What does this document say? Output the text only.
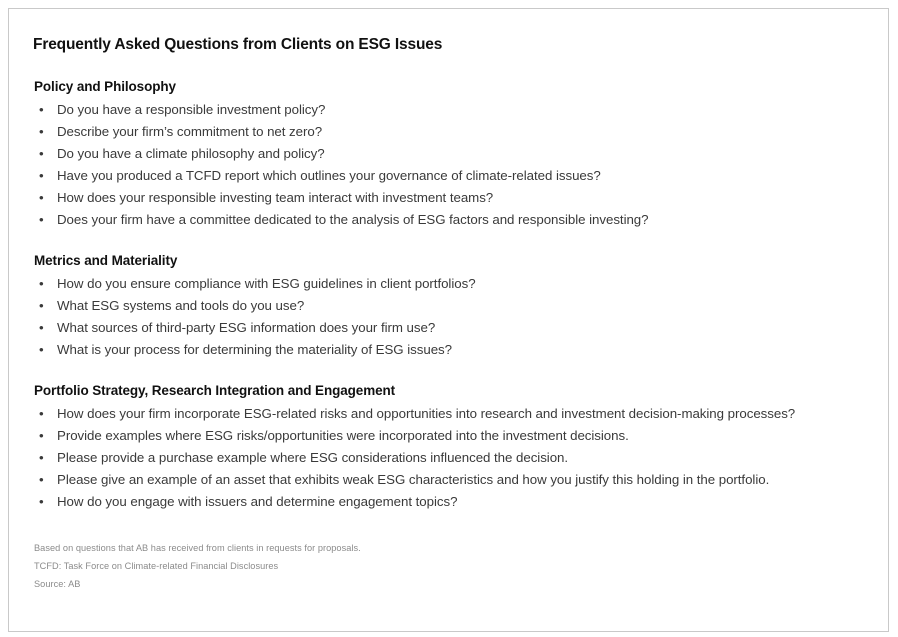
Frequently Asked Questions from Clients on ESG Issues
Policy and Philosophy
•	Do you have a responsible investment policy?
•	Describe your firm’s commitment to net zero?
•	Do you have a climate philosophy and policy?
•	Have you produced a TCFD report which outlines your governance of climate-related issues?
•	How does your responsible investing team interact with investment teams?
•	Does your firm have a committee dedicated to the analysis of ESG factors and responsible investing?
Metrics and Materiality
•	How do you ensure compliance with ESG guidelines in client portfolios?
•	What ESG systems and tools do you use?
•	What sources of third-party ESG information does your firm use?
•	What is your process for determining the materiality of ESG issues?
Portfolio Strategy, Research Integration and Engagement
•	How does your firm incorporate ESG-related risks and opportunities into research and investment decision-making processes?
•	Provide examples where ESG risks/opportunities were incorporated into the investment decisions.
•	Please provide a purchase example where ESG considerations influenced the decision.
•	Please give an example of an asset that exhibits weak ESG characteristics and how you justify this holding in the portfolio.
•	How do you engage with issuers and determine engagement topics?
Based on questions that AB has received from clients in requests for proposals.
TCFD: Task Force on Climate-related Financial Disclosures
Source: AB
